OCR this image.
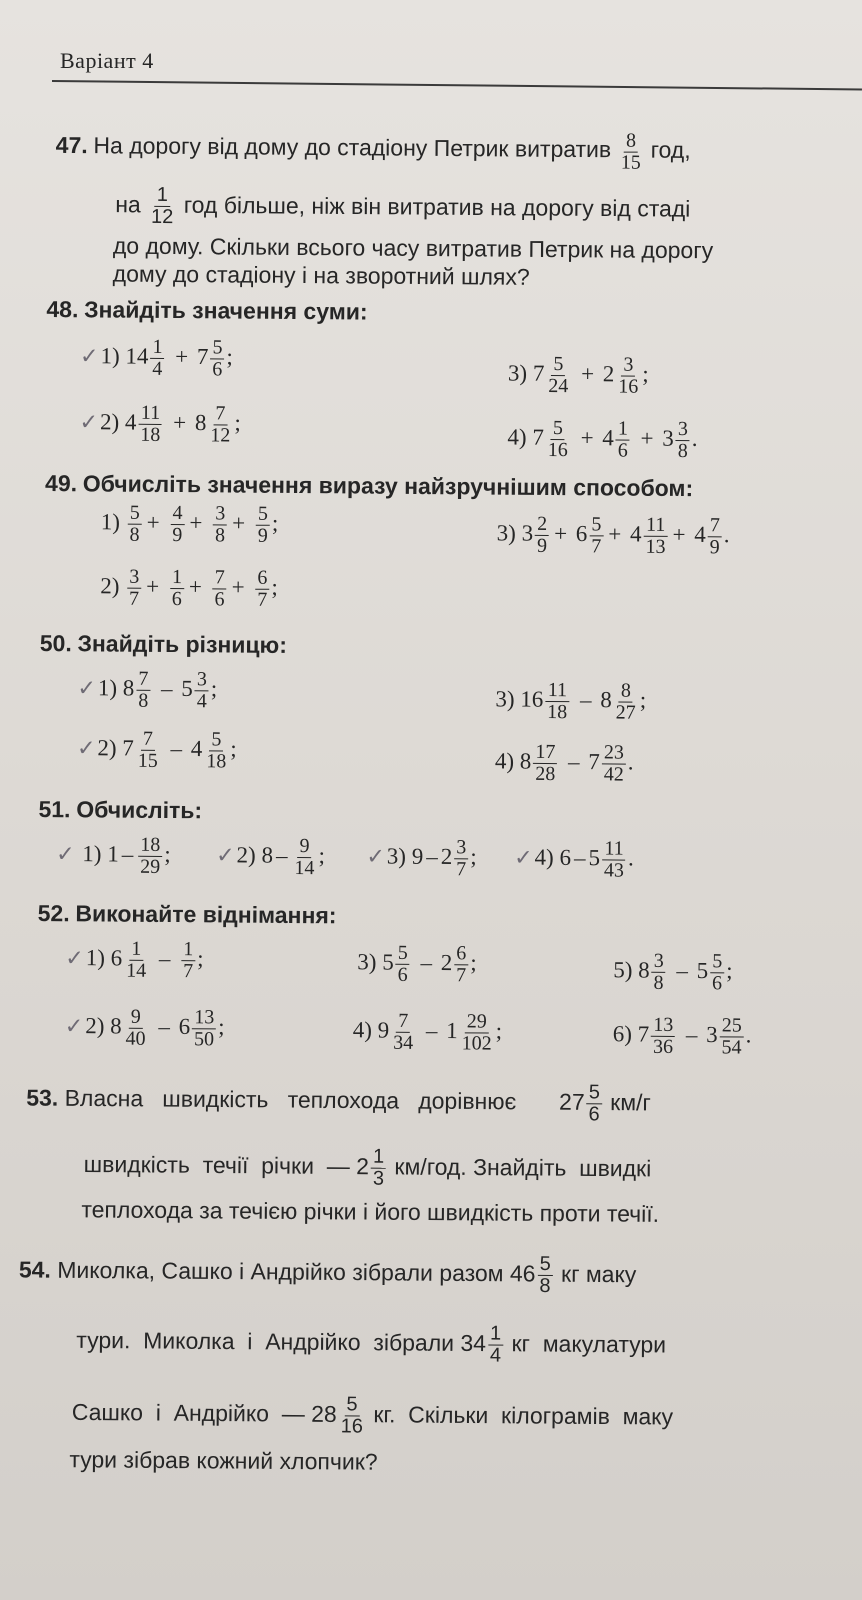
Варіант 4
47. На дорогу від дому до стадіону Петрик витратив $\frac{8}{15}$ год,
на $\frac{1}{12}$ год більше, ніж він витратив на дорогу від стаді
до дому. Скільки всього часу витратив Петрик на дорогу
дому до стадіону і на зворотний шлях?
48. Знайдіть значення суми:
✓1) $14 \frac{1}{4} + 7 \frac{5}{6}$ ;
✓2) $4 \frac{11}{18} + 8 \frac{7}{12}$ ;
3) $7 \frac{5}{24} + 2 \frac{3}{16}$ ;
4) $7 \frac{5}{16} + 4 \frac{1}{6} + 3 \frac{3}{8}$ .
49. Обчисліть значення виразу найзручнішим способом:
$1) \frac{5}{8} + \frac{4}{9} + \frac{3}{8} + \frac{5}{9}$ ;
$2) \frac{3}{7} + \frac{1}{6} + \frac{7}{6} + \frac{6}{7}$ ;
3) $3 \frac{2}{9} + 6 \frac{5}{7} + 4 \frac{11}{13} + 4 \frac{7}{9}$ .
50. Знайдіть різницю:
✓1) $8 \frac{7}{8} - 5 \frac{3}{4}$ ;
✓2) $7 \frac{7}{15} - 4 \frac{5}{18}$ ;
3) $16 \frac{11}{18} - 8 \frac{8}{27}$ ;
4) $8 \frac{17}{28} - 7 \frac{23}{42}$ .
51. Обчисліть:
✓ 1) $1 - \frac{18}{29}$ ; ✓2) $8 - \frac{9}{14}$ ; ✓3) $9 - 2 \frac{3}{7}$ ; ✓4) $6 - 5 \frac{11}{43}$ .
52. Виконайте віднімання:
✓1) $6 \frac{1}{14} - \frac{1}{7}$ ;
✓2) $8 \frac{9}{40} - 6 \frac{13}{50}$ ;
3) $5 \frac{5}{6} - 2 \frac{6}{7}$ ;
4) $9 \frac{7}{34} - 1 \frac{29}{102}$ ;
5) $8 \frac{3}{8} - 5 \frac{5}{6}$ ;
6) $7 \frac{13}{36} - 3 \frac{25}{54}$ .
53. Власна   швидкість   теплохода   дорівнює $27 \frac{5}{6} км/г$
швидкість  течії  річки  — $2 \frac{1}{3} км/год$. Знайдіть  швидкі
теплохода за течією річки і його швидкість проти течії.
54. Миколка, Сашко і Андрійко зібрали разом $46 \frac{5}{8}$ кг маку
тури.  Миколка  і  Андрійко  зібрали $34 \frac{1}{4}$ кг  макулатури
Сашко  і  Андрійко  — $28 \frac{5}{16}$ кг.  Скільки  кілограмів  маку
тури зібрав кожний хлопчик?
